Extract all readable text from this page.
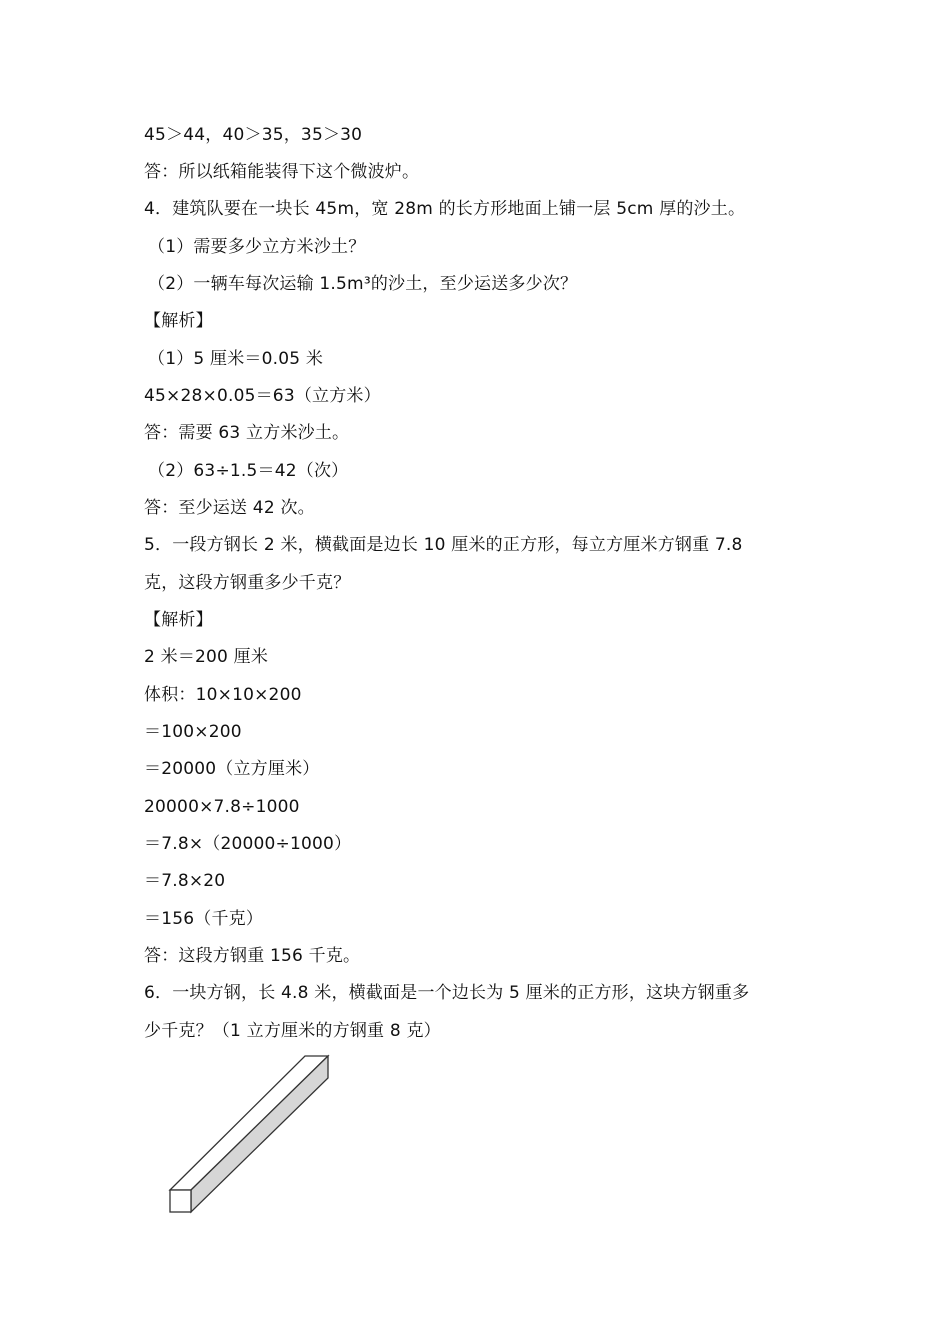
45＞44，40＞35，35＞30
答：所以纸箱能装得下这个微波炉。
4．建筑队要在一块长 45m，宽 28m 的长方形地面上铺一层 5cm 厚的沙土。
（1）需要多少立方米沙土？
（2）一辆车每次运输 1.5m³的沙土，至少运送多少次？
【解析】
（1）5 厘米＝0.05 米
45×28×0.05＝63（立方米）
答：需要 63 立方米沙土。
（2）63÷1.5＝42（次）
答：至少运送 42 次。
5．一段方钢长 2 米，横截面是边长 10 厘米的正方形，每立方厘米方钢重 7.8
克，这段方钢重多少千克？
【解析】
2 米＝200 厘米
体积：10×10×200
＝100×200
＝20000（立方厘米）
20000×7.8÷1000
＝7.8×（20000÷1000）
＝7.8×20
＝156（千克）
答：这段方钢重 156 千克。
6．一块方钢，长 4.8 米，横截面是一个边长为 5 厘米的正方形，这块方钢重多
少千克？（1 立方厘米的方钢重 8 克）
